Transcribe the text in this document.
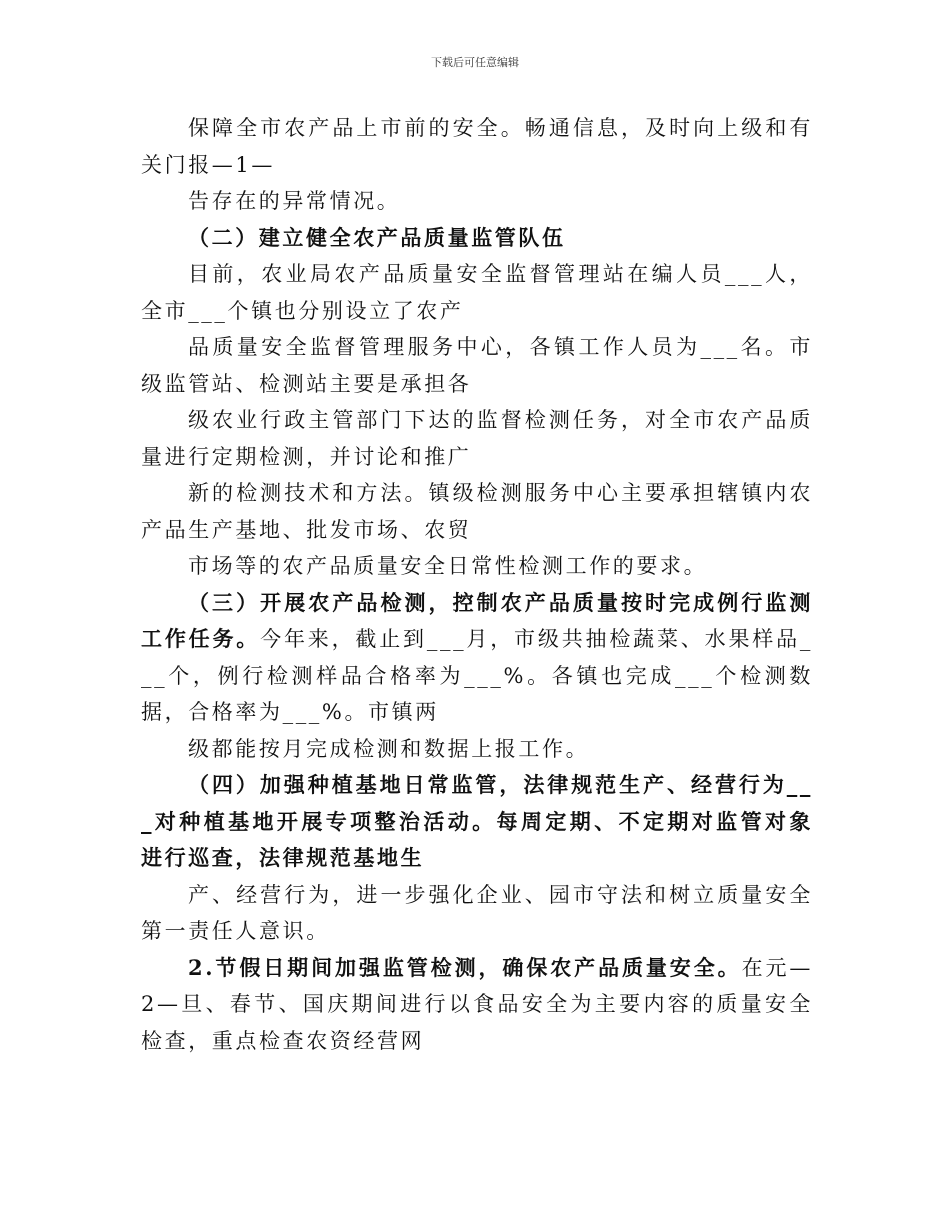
下载后可任意编辑

保障全市农产品上市前的安全。畅通信息，及时向上级和有关门报—1—

告存在的异常情况。

（二）建立健全农产品质量监管队伍

目前，农业局农产品质量安全监督管理站在编人员___人，全市___个镇也分别设立了农产

品质量安全监督管理服务中心，各镇工作人员为___名。市级监管站、检测站主要是承担各

级农业行政主管部门下达的监督检测任务，对全市农产品质量进行定期检测，并讨论和推广

新的检测技术和方法。镇级检测服务中心主要承担辖镇内农产品生产基地、批发市场、农贸

市场等的农产品质量安全日常性检测工作的要求。

（三）开展农产品检测，控制农产品质量按时完成例行监测工作任务。今年来，截止到___月，市级共抽检蔬菜、水果样品___个，例行检测样品合格率为___%。各镇也完成___个检测数据，合格率为___%。市镇两

级都能按月完成检测和数据上报工作。

（四）加强种植基地日常监管，法律规范生产、经营行为___对种植基地开展专项整治活动。每周定期、不定期对监管对象进行巡查，法律规范基地生

产、经营行为，进一步强化企业、园市守法和树立质量安全第一责任人意识。

2.节假日期间加强监管检测，确保农产品质量安全。在元—2—旦、春节、国庆期间进行以食品安全为主要内容的质量安全检查，重点检查农资经营网
